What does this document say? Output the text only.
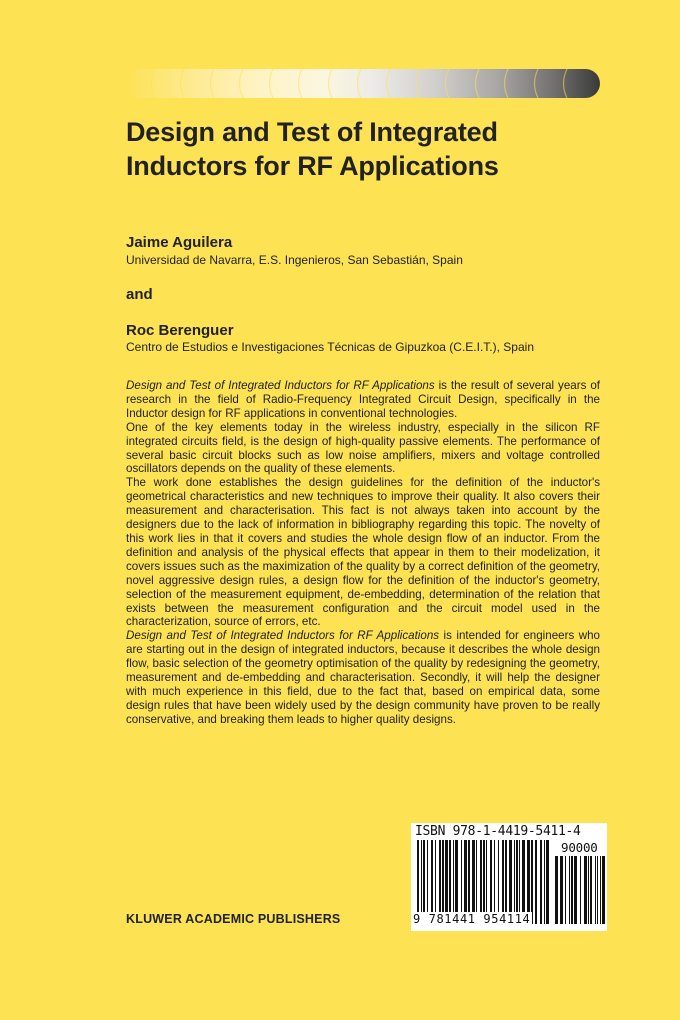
Design and Test of Integrated
Inductors for RF Applications

Jaime Aguilera

Universidad de Navarra, E.S. Ingenieros, San Sebastián, Spain

and

Roc Berenguer

Centro de Estudios e Investigaciones Técnicas de Gipuzkoa (C.E.I.T.), Spain

Design and Test of Integrated Inductors for RF Applications is the result of several years of research in the field of Radio-Frequency Integrated Circuit Design, specifically in the Inductor design for RF applications in conventional technologies.

One of the key elements today in the wireless industry, especially in the silicon RF integrated circuits field, is the design of high-quality passive elements. The performance of several basic circuit blocks such as low noise amplifiers, mixers and voltage controlled oscillators depends on the quality of these elements.

The work done establishes the design guidelines for the definition of the inductor's geometrical characteristics and new techniques to improve their quality. It also covers their measurement and characterisation. This fact is not always taken into account by the designers due to the lack of information in bibliography regarding this topic. The novelty of this work lies in that it covers and studies the whole design flow of an inductor. From the definition and analysis of the physical effects that appear in them to their modelization, it covers issues such as the maximization of the quality by a correct definition of the geometry, novel aggressive design rules, a design flow for the definition of the inductor's geometry, selection of the measurement equipment, de-embedding, determination of the relation that exists between the measurement configuration and the circuit model used in the characterization, source of errors, etc.

Design and Test of Integrated Inductors for RF Applications is intended for engineers who are starting out in the design of integrated inductors, because it describes the whole design flow, basic selection of the geometry optimisation of the quality by redesigning the geometry, measurement and de-embedding and characterisation. Secondly, it will help the designer with much experience in this field, due to the fact that, based on empirical data, some design rules that have been widely used by the design community have proven to be really conservative, and breaking them leads to higher quality designs.

KLUWER ACADEMIC PUBLISHERS

ISBN 978-1-4419-5411-4
90000
9 781441 954114
